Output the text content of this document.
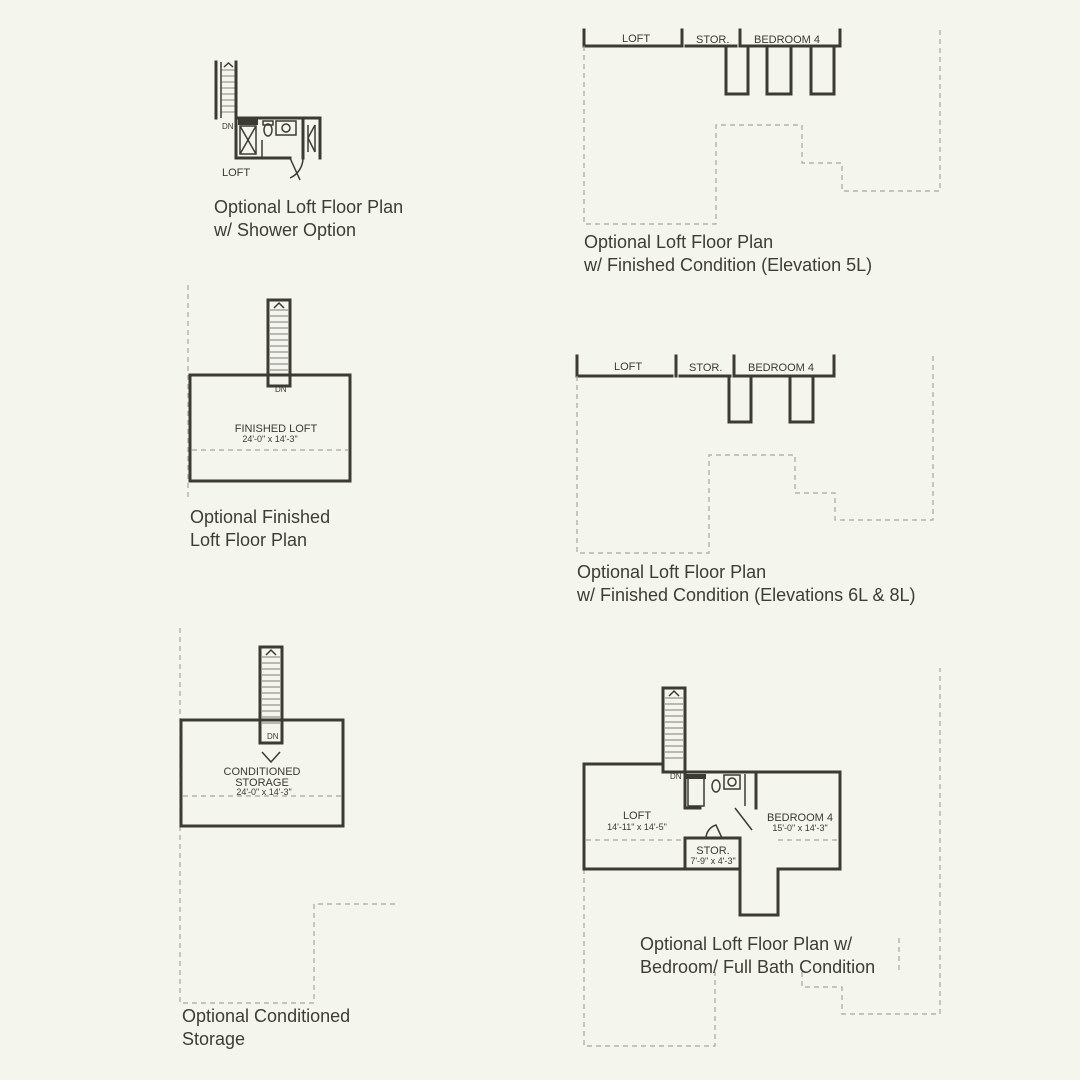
DN
LOFT
LOFT	STOR. BEDROOM 4
DN
FINISHED LOFT
24'-0" x 14'-3"
LOFT	STOR. BEDROOM 4
DN
CONDITIONED
STORAGE
24'-0" x 14'-3"
DN
LOFT
14'-11" x 14'-5"
STOR.
7'-9" x 4'-3"
BEDROOM 4
15'-0" x 14'-3"
Optional Loft Floor Plan
w/ Shower Option
Optional Loft Floor Plan
w/ Finished Condition (Elevation 5L)
Optional Finished
Loft Floor Plan
Optional Loft Floor Plan
w/ Finished Condition (Elevations 6L & 8L)
Optional Conditioned
Storage
Optional Loft Floor Plan w/
Bedroom/ Full Bath Condition
